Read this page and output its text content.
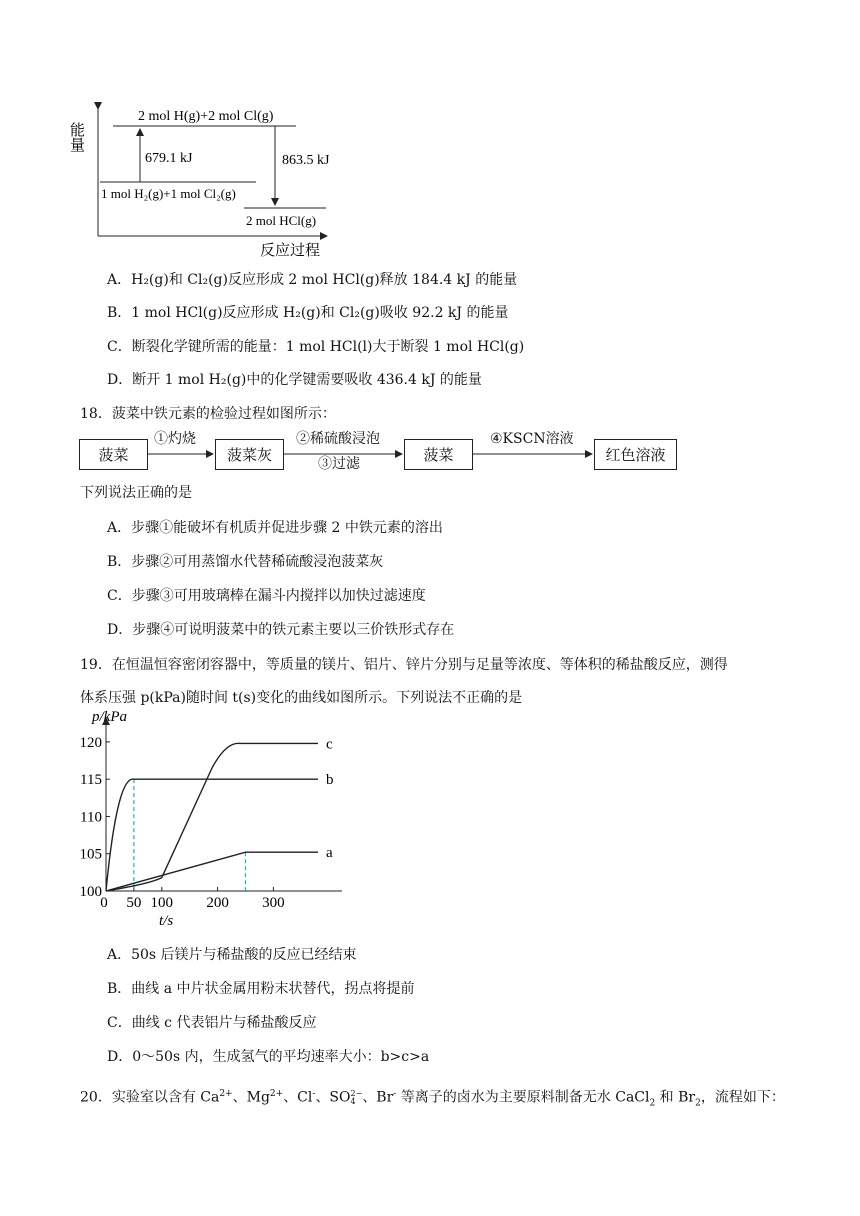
能量
反应过程
2 mol H(g)+2 mol Cl(g)
1 mol H₂(g)+1 mol Cl₂(g)
2 mol HCl(g)
679.1 kJ	863.5 kJ
A．H₂(g)和 Cl₂(g)反应形成 2 mol HCl(g)释放 184.4 kJ 的能量
B．1 mol HCl(g)反应形成 H₂(g)和 Cl₂(g)吸收 92.2 kJ 的能量
C．断裂化学键所需的能量：1 mol HCl(l)大于断裂 1 mol HCl(g)
D．断开 1 mol H₂(g)中的化学键需要吸收 436.4 kJ 的能量
18．菠菜中铁元素的检验过程如图所示：
菠菜	菠菜灰	菠菜	红色溶液
①灼烧	②稀硫酸浸泡
③过滤
④KSCN溶液
下列说法正确的是
A．步骤①能破坏有机质并促进步骤 2 中铁元素的溶出
B．步骤②可用蒸馏水代替稀硫酸浸泡菠菜灰
C．步骤③可用玻璃棒在漏斗内搅拌以加快过滤速度
D．步骤④可说明菠菜中的铁元素主要以三价铁形式存在
19．在恒温恒容密闭容器中，等质量的镁片、铝片、锌片分别与足量等浓度、等体积的稀盐酸反应，测得
体系压强 p(kPa)随时间 t(s)变化的曲线如图所示。下列说法不正确的是
100
105
110
115
120
0 50 100 200 300
p/kPa
t/s
a
b
c
A．50s 后镁片与稀盐酸的反应已经结束
B．曲线 a 中片状金属用粉末状替代，拐点将提前
C．曲线 c 代表铝片与稀盐酸反应
D．0～50s 内，生成氢气的平均速率大小：b>c>a
20．实验室以含有 $Ca^{2+}$、$Mg^{2+}$、Cl-、SO 2−
4 、Br- 等离子的卤水为主要原料制备无水 CaCl$_2$ 和 $Br_2$，流程如下：
